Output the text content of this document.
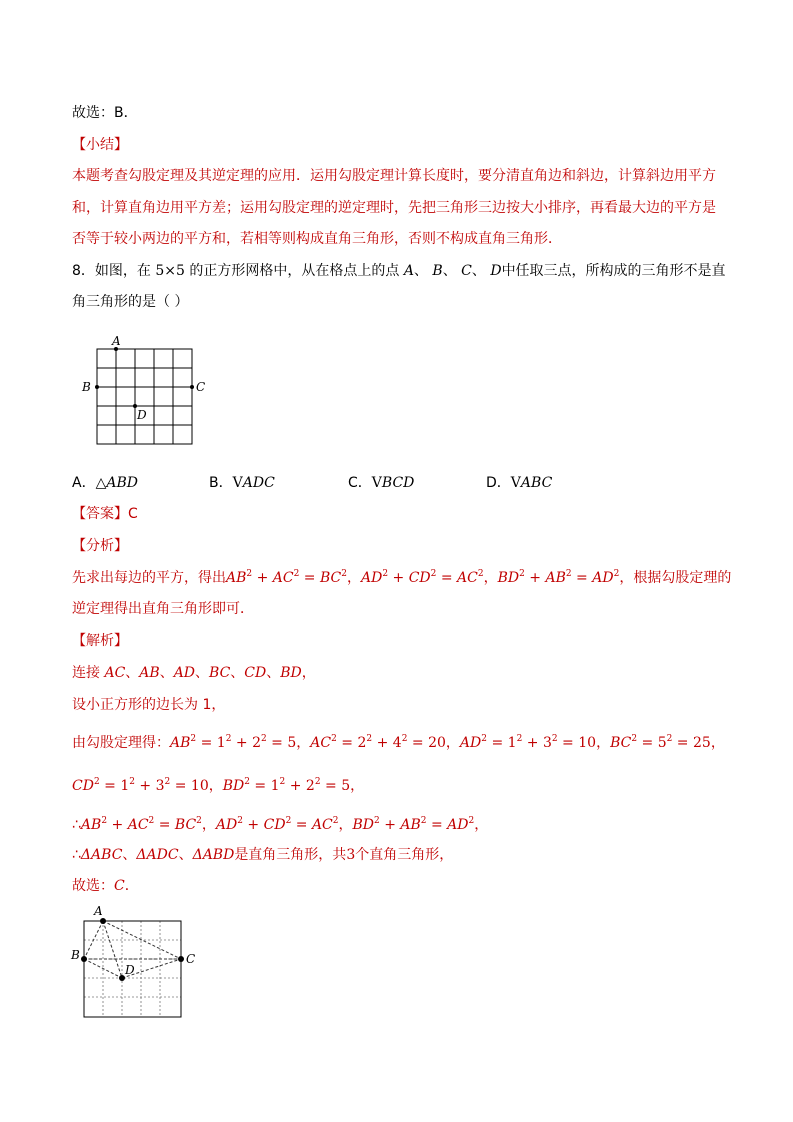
故选：B．
【小结】
本题考查勾股定理及其逆定理的应用．运用勾股定理计算长度时，要分清直角边和斜边，计算斜边用平方
和，计算直角边用平方差；运用勾股定理的逆定理时，先把三角形三边按大小排序，再看最大边的平方是
否等于较小两边的平方和，若相等则构成直角三角形，否则不构成直角三角形．
8．如图，在 5×5 的正方形网格中，从在格点上的点 A、 B、 C、 D中任取三点，所构成的三角形不是直
角三角形的是（ ）
A
B	C
D
A．△ABD	B．VADC	C．VBCD	D．VABC
【答案】C
【分析】
先求出每边的平方，得出$AB^2 + AC^2 = BC^2$，$AD^2 + CD^2 = AC^2$，$BD^2 + AB^2 = AD^2$，根据勾股定理的
逆定理得出直角三角形即可．
【解析】
连接 AC、AB、AD、BC、CD、BD，
设小正方形的边长为 1，
由勾股定理得：$AB^2 = 1^2 + 2^2 = 5$，$AC^2 = 2^2 + 4^2 = 20$，$AD^2 = 1^2 + 3^2 = 10$，$BC^2 = 5^2 = 25$，
$CD^2 = 1^2 + 3^2 = 10$，$BD^2 = 1^2 + 2^2 = 5$，
$\therefore AB^2 + AC^2 = BC^2$，$AD^2 + CD^2 = AC^2$，$BD^2 + AB^2 = AD^2$，
∴ΔABC、ΔADC、ΔABD是直角三角形，共3个直角三角形，
故选：C．
A
B	C
D
